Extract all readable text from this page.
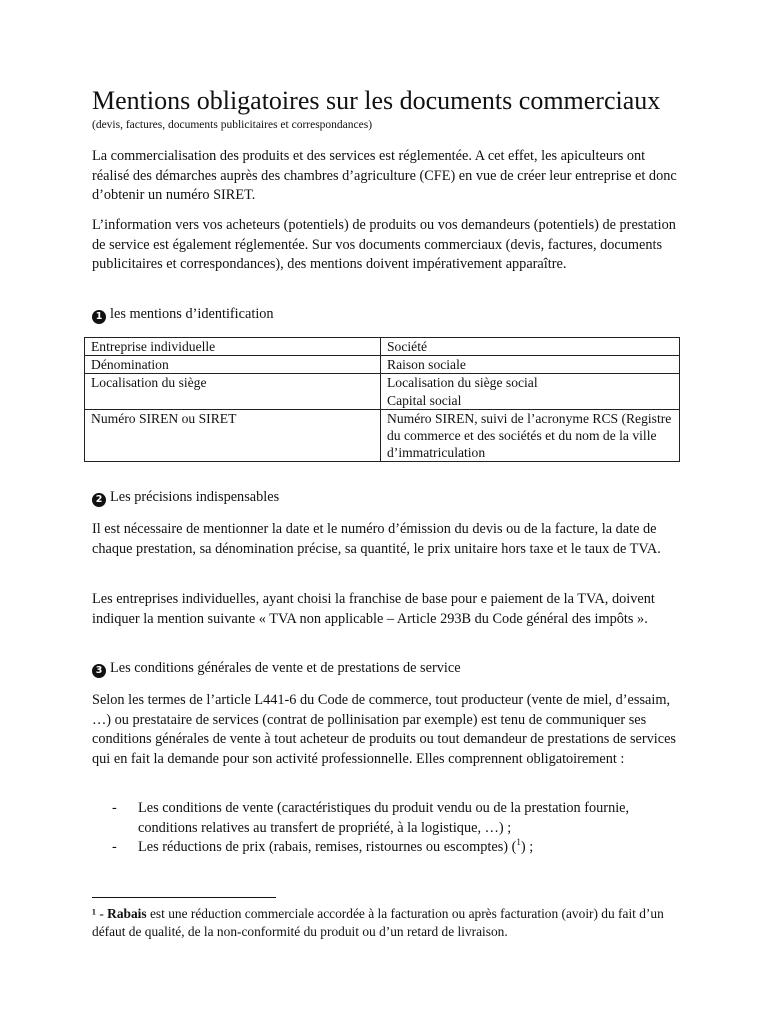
Mentions obligatoires sur les documents commerciaux
(devis, factures, documents publicitaires et correspondances)

La commercialisation des produits et des services est réglementée. A cet effet, les apiculteurs ont réalisé des démarches auprès des chambres d’agriculture (CFE) en vue de créer leur entreprise et donc d’obtenir un numéro SIRET.

L’information vers vos acheteurs (potentiels) de produits ou vos demandeurs (potentiels) de prestation de service est également réglementée. Sur vos documents commerciaux (devis, factures, documents publicitaires et correspondances), des mentions doivent impérativement apparaître.

1 les mentions d’identification
Entreprise individuelle	Société
Dénomination	Raison sociale
Localisation du siège	Localisation du siège social
Capital social
Numéro SIREN ou SIRET	Numéro SIREN, suivi de l’acronyme RCS (Registre du commerce et des sociétés et du nom de la ville d’immatriculation
2 Les précisions indispensables

Il est nécessaire de mentionner la date et le numéro d’émission du devis ou de la facture, la date de chaque prestation, sa dénomination précise, sa quantité, le prix unitaire hors taxe et le taux de TVA.

Les entreprises individuelles, ayant choisi la franchise de base pour e paiement de la TVA, doivent indiquer la mention suivante « TVA non applicable – Article 293B du Code général des impôts ».

3 Les conditions générales de vente et de prestations de service

Selon les termes de l’article L441-6 du Code de commerce, tout producteur (vente de miel, d’essaim, …) ou prestataire de services (contrat de pollinisation par exemple) est tenu de communiquer ses conditions générales de vente à tout acheteur de produits ou tout demandeur de prestations de services qui en fait la demande pour son activité professionnelle. Elles comprennent obligatoirement :

- Les conditions de vente (caractéristiques du produit vendu ou de la prestation fournie, conditions relatives au transfert de propriété, à la logistique, …) ;
- Les réductions de prix (rabais, remises, ristournes ou escomptes) ($^1$) ;

¹ - Rabais est une réduction commerciale accordée à la facturation ou après facturation (avoir) du fait d’un défaut de qualité, de la non-conformité du produit ou d’un retard de livraison.
